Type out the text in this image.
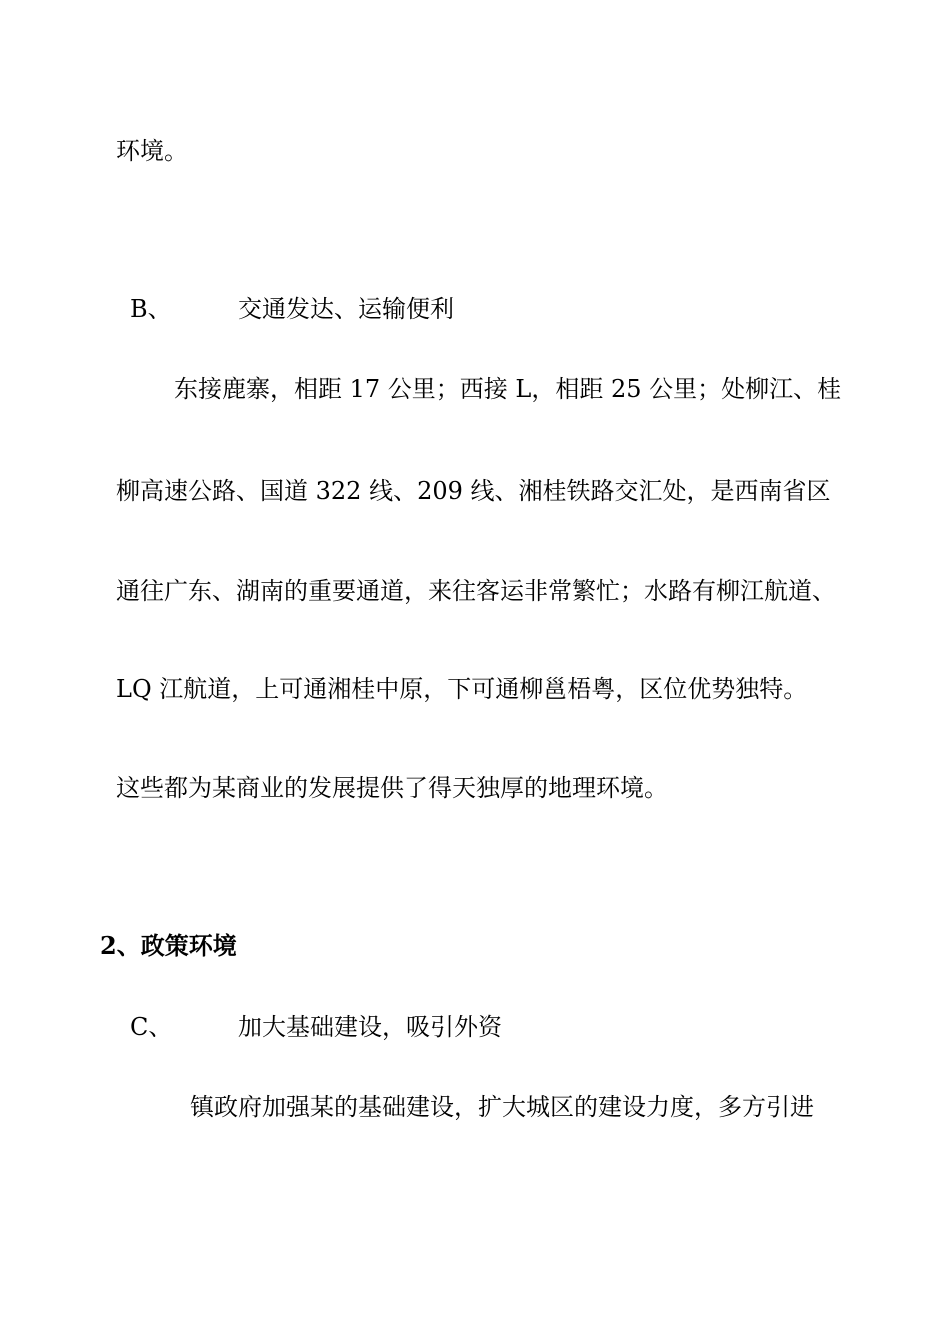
环境。
B、	交通发达、运输便利
东接鹿寨，相距 17 公里；西接 L，相距 25 公里；处柳江、桂
柳高速公路、国道 322 线、209 线、湘桂铁路交汇处，是西南省区
通往广东、湖南的重要通道，来往客运非常繁忙；水路有柳江航道、
LQ 江航道，上可通湘桂中原，下可通柳邕梧粤，区位优势独特。
这些都为某商业的发展提供了得天独厚的地理环境。
2、政策环境
C、	加大基础建设，吸引外资
镇政府加强某的基础建设，扩大城区的建设力度，多方引进
